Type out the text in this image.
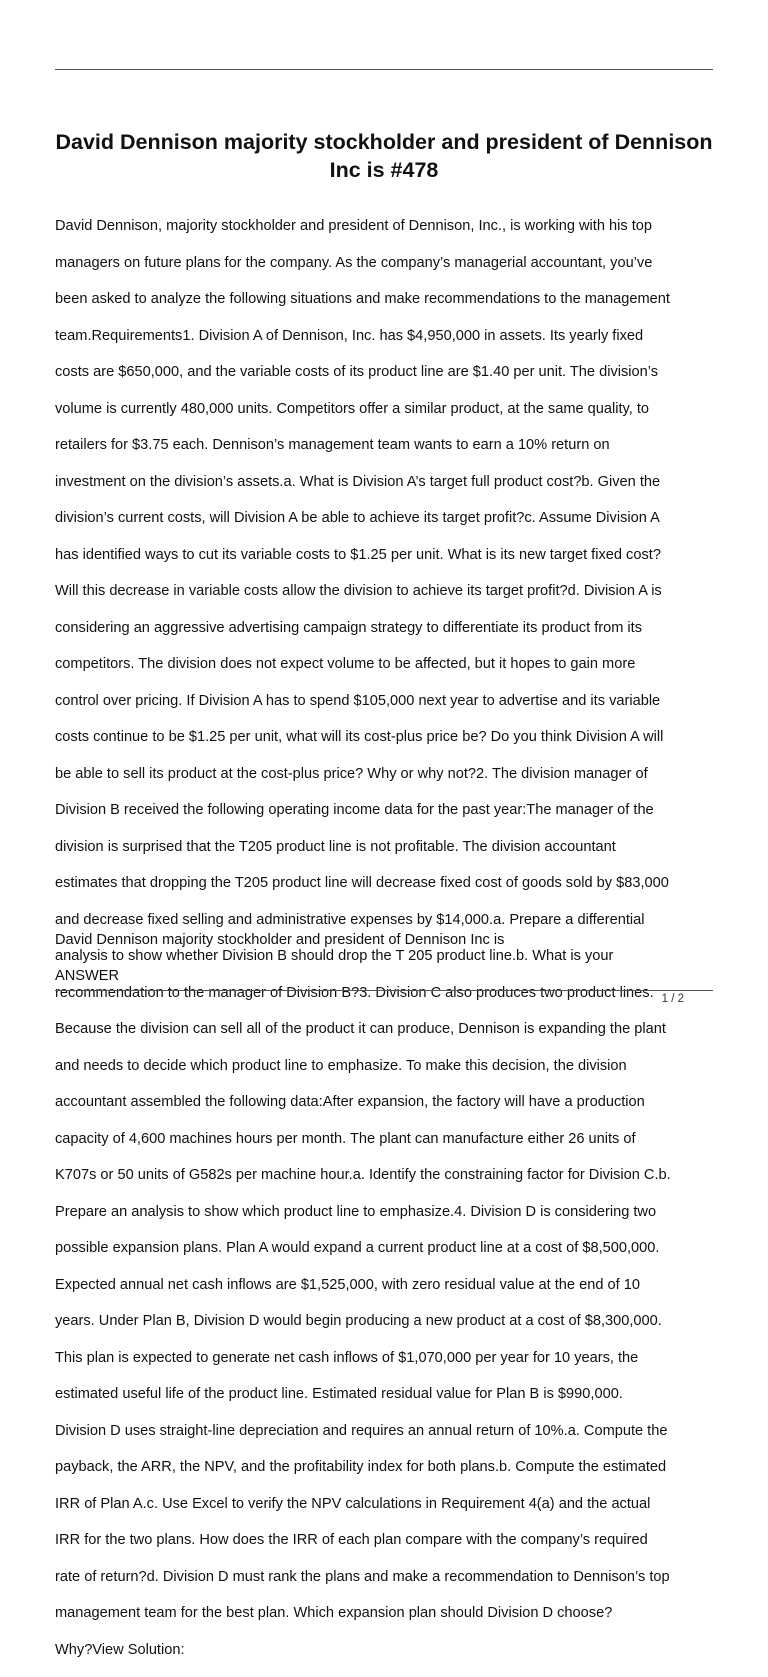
David Dennison majority stockholder and president of Dennison Inc is #478

David Dennison, majority stockholder and president of Dennison, Inc., is working with his top

managers on future plans for the company. As the company’s managerial accountant, you’ve

been asked to analyze the following situations and make recommendations to the management

team.Requirements1. Division A of Dennison, Inc. has $4,950,000 in assets. Its yearly fixed

costs are $650,000, and the variable costs of its product line are $1.40 per unit. The division’s

volume is currently 480,000 units. Competitors offer a similar product, at the same quality, to

retailers for $3.75 each. Dennison’s management team wants to earn a 10% return on

investment on the division’s assets.a. What is Division A’s target full product cost?b. Given the

division’s current costs, will Division A be able to achieve its target profit?c. Assume Division A

has identified ways to cut its variable costs to $1.25 per unit. What is its new target fixed cost?

Will this decrease in variable costs allow the division to achieve its target profit?d. Division A is

considering an aggressive advertising campaign strategy to differentiate its product from its

competitors. The division does not expect volume to be affected, but it hopes to gain more

control over pricing. If Division A has to spend $105,000 next year to advertise and its variable

costs continue to be $1.25 per unit, what will its cost-plus price be? Do you think Division A will

be able to sell its product at the cost-plus price? Why or why not?2. The division manager of

Division B received the following operating income data for the past year:The manager of the

division is surprised that the T205 product line is not profitable. The division accountant

estimates that dropping the T205 product line will decrease fixed cost of goods sold by $83,000

and decrease fixed selling and administrative expenses by $14,000.a. Prepare a differential

analysis to show whether Division B should drop the T 205 product line.b. What is your

recommendation to the manager of Division B?3. Division C also produces two product lines.

Because the division can sell all of the product it can produce, Dennison is expanding the plant

and needs to decide which product line to emphasize. To make this decision, the division

accountant assembled the following data:After expansion, the factory will have a production

capacity of 4,600 machines hours per month. The plant can manufacture either 26 units of

K707s or 50 units of G582s per machine hour.a. Identify the constraining factor for Division C.b.

Prepare an analysis to show which product line to emphasize.4. Division D is considering two

possible expansion plans. Plan A would expand a current product line at a cost of $8,500,000.

Expected annual net cash inflows are $1,525,000, with zero residual value at the end of 10

years. Under Plan B, Division D would begin producing a new product at a cost of $8,300,000.

This plan is expected to generate net cash inflows of $1,070,000 per year for 10 years, the

estimated useful life of the product line. Estimated residual value for Plan B is $990,000.

Division D uses straight-line depreciation and requires an annual return of 10%.a. Compute the

payback, the ARR, the NPV, and the profitability index for both plans.b. Compute the estimated

IRR of Plan A.c. Use Excel to verify the NPV calculations in Requirement 4(a) and the actual

IRR for the two plans. How does the IRR of each plan compare with the company’s required

rate of return?d. Division D must rank the plans and make a recommendation to Dennison’s top

management team for the best plan. Which expansion plan should Division D choose?

Why?View Solution:

David Dennison majority stockholder and president of Dennison Inc is

ANSWER

1 / 2
